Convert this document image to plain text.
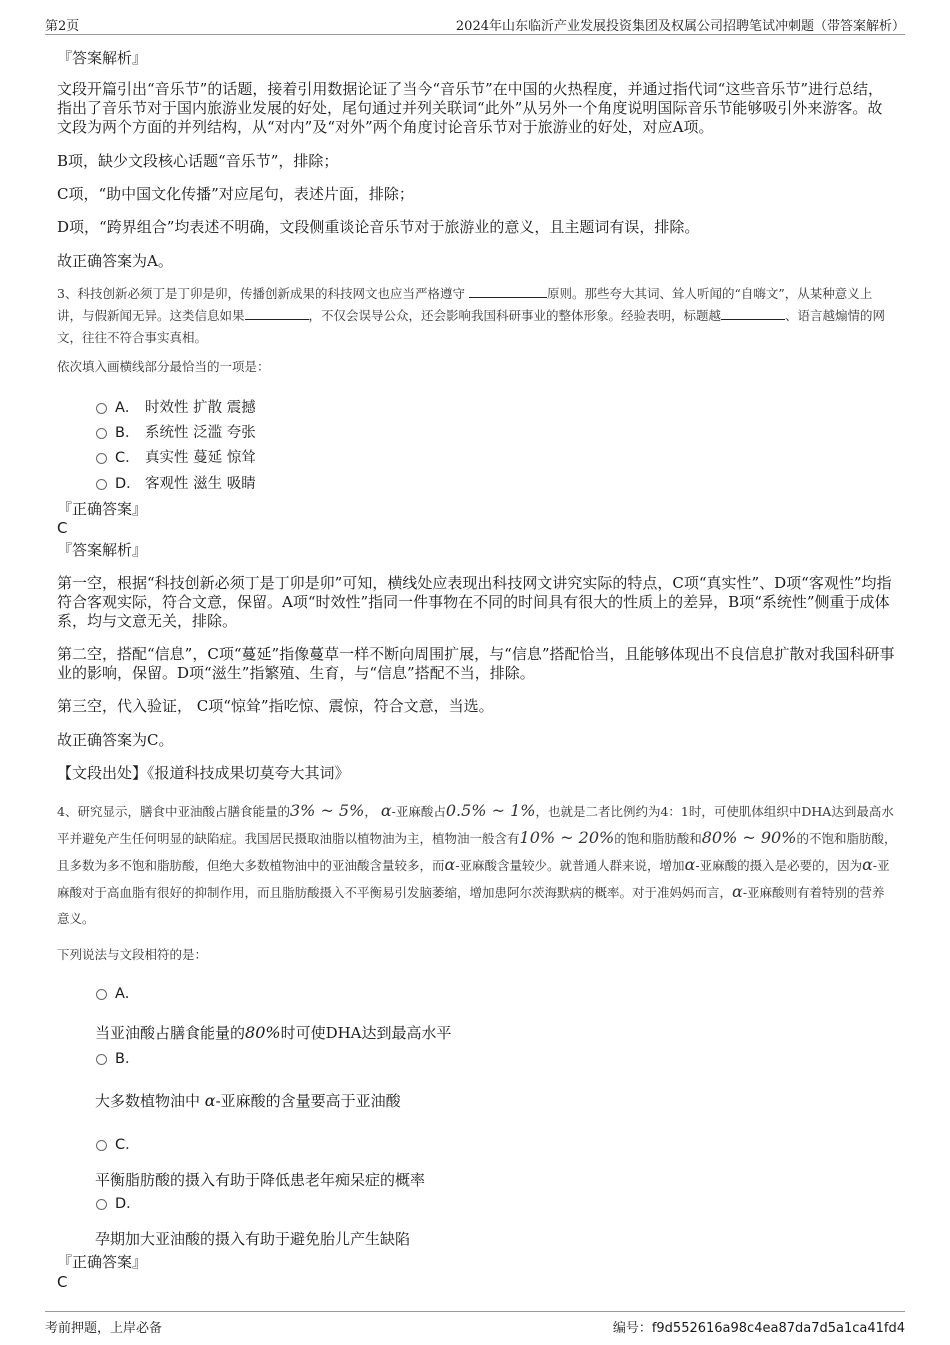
第2页	2024年山东临沂产业发展投资集团及权属公司招聘笔试冲刺题（带答案解析）
『答案解析』
文段开篇引出“音乐节”的话题，接着引用数据论证了当今“音乐节”在中国的火热程度，并通过指代词“这些音乐节”进行总结，指出了音乐节对于国内旅游业发展的好处，尾句通过并列关联词“此外”从另外一个角度说明国际音乐节能够吸引外来游客。故文段为两个方面的并列结构，从“对内”及“对外”两个角度讨论音乐节对于旅游业的好处，对应A项。
B项，缺少文段核心话题“音乐节”，排除；
C项，“助中国文化传播”对应尾句，表述片面，排除；
D项，“跨界组合”均表述不明确，文段侧重谈论音乐节对于旅游业的意义，且主题词有误，排除。
故正确答案为A。
3、科技创新必须丁是丁卯是卯，传播创新成果的科技网文也应当严格遵守	原则。那些夸大其词、耸人听闻的“自嗨文”，从某种意义上讲，与假新闻无异。这类信息如果	，不仅会误导公众，还会影响我国科研事业的整体形象。经验表明，标题越	、语言越煽情的网文，往往不符合事实真相。
依次填入画横线部分最恰当的一项是：
A． 时效性 扩散 震撼
B． 系统性 泛滥 夸张
C． 真实性 蔓延 惊耸
D． 客观性 滋生 吸睛
『正确答案』
C
『答案解析』
第一空，根据“科技创新必须丁是丁卯是卯”可知，横线处应表现出科技网文讲究实际的特点，C项“真实性”、D项“客观性”均指符合客观实际，符合文意，保留。A项“时效性”指同一件事物在不同的时间具有很大的性质上的差异，B项“系统性”侧重于成体系，均与文意无关，排除。
第二空，搭配“信息”，C项“蔓延”指像蔓草一样不断向周围扩展，与“信息”搭配恰当，且能够体现出不良信息扩散对我国科研事业的影响，保留。D项“滋生”指繁殖、生育，与“信息”搭配不当，排除。
第三空，代入验证， C项“惊耸”指吃惊、震惊，符合文意，当选。
故正确答案为C。
【文段出处】《报道科技成果切莫夸大其词》
4、研究显示，膳食中亚油酸占膳食能量的3% ~ 5%， α-亚麻酸占0.5% ~ 1%，也就是二者比例约为4：1时，可使肌体组织中DHA达到最高水平并避免产生任何明显的缺陷症。我国居民摄取油脂以植物油为主，植物油一般含有10% ~ 20%的饱和脂肪酸和80% ~ 90%的不饱和脂肪酸，且多数为多不饱和脂肪酸，但绝大多数植物油中的亚油酸含量较多，而α-亚麻酸含量较少。就普通人群来说，增加α-亚麻酸的摄入是必要的，因为α-亚麻酸对于高血脂有很好的抑制作用，而且脂肪酸摄入不平衡易引发脑萎缩，增加患阿尔茨海默病的概率。对于准妈妈而言，α-亚麻酸则有着特别的营养意义。
下列说法与文段相符的是：
A．
当亚油酸占膳食能量的80%时可使DHA达到最高水平
B．
大多数植物油中 α-亚麻酸的含量要高于亚油酸
C．
平衡脂肪酸的摄入有助于降低患老年痴呆症的概率
D．
孕期加大亚油酸的摄入有助于避免胎儿产生缺陷
『正确答案』
C
考前押题，上岸必备	编号：f9d552616a98c4ea87da7d5a1ca41fd4
